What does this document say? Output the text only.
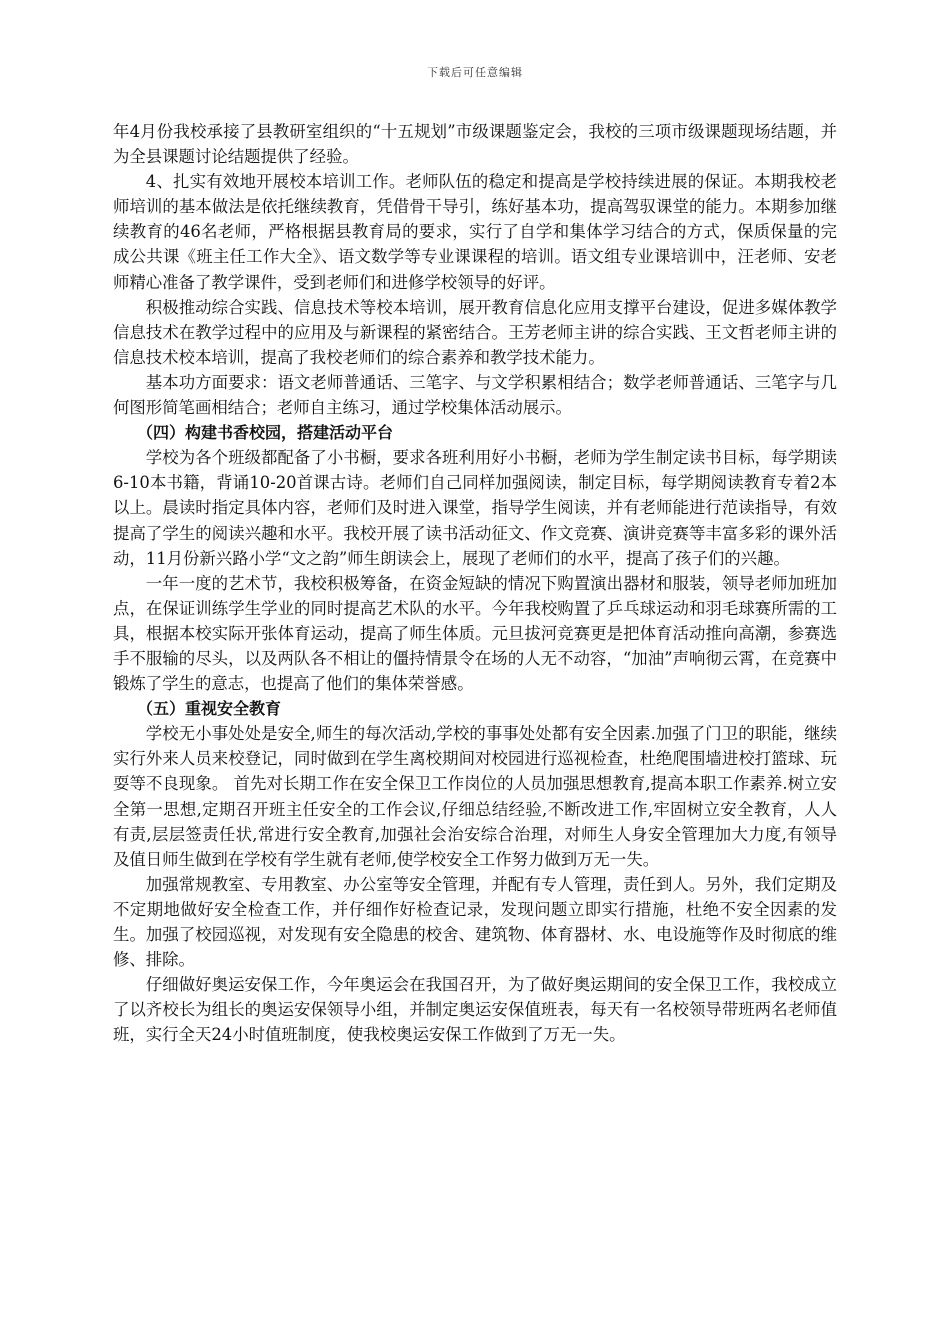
下载后可任意编辑

年4月份我校承接了县教研室组织的“十五规划”市级课题鉴定会，我校的三项市级课题现场结题，并为全县课题讨论结题提供了经验。

4、扎实有效地开展校本培训工作。老师队伍的稳定和提高是学校持续进展的保证。本期我校老师培训的基本做法是依托继续教育，凭借骨干导引，练好基本功，提高驾驭课堂的能力。本期参加继续教育的46名老师，严格根据县教育局的要求，实行了自学和集体学习结合的方式，保质保量的完成公共课《班主任工作大全》、语文数学等专业课课程的培训。语文组专业课培训中，汪老师、安老师精心准备了教学课件，受到老师们和进修学校领导的好评。

积极推动综合实践、信息技术等校本培训，展开教育信息化应用支撑平台建设，促进多媒体教学信息技术在教学过程中的应用及与新课程的紧密结合。王芳老师主讲的综合实践、王文哲老师主讲的信息技术校本培训，提高了我校老师们的综合素养和教学技术能力。

基本功方面要求：语文老师普通话、三笔字、与文学积累相结合；数学老师普通话、三笔字与几何图形简笔画相结合；老师自主练习，通过学校集体活动展示。

（四）构建书香校园，搭建活动平台

学校为各个班级都配备了小书橱，要求各班利用好小书橱，老师为学生制定读书目标，每学期读6-10本书籍，背诵10-20首课古诗。老师们自己同样加强阅读，制定目标，每学期阅读教育专着2本以上。晨读时指定具体内容，老师们及时进入课堂，指导学生阅读，并有老师能进行范读指导，有效提高了学生的阅读兴趣和水平。我校开展了读书活动征文、作文竞赛、演讲竞赛等丰富多彩的课外活动，11月份新兴路小学“文之韵”师生朗读会上，展现了老师们的水平，提高了孩子们的兴趣。

一年一度的艺术节，我校积极筹备，在资金短缺的情况下购置演出器材和服装，领导老师加班加点，在保证训练学生学业的同时提高艺术队的水平。今年我校购置了乒乓球运动和羽毛球赛所需的工具，根据本校实际开张体育运动，提高了师生体质。元旦拔河竞赛更是把体育活动推向高潮，参赛选手不服输的尽头，以及两队各不相让的僵持情景令在场的人无不动容，“加油”声响彻云霄，在竞赛中锻炼了学生的意志，也提高了他们的集体荣誉感。

（五）重视安全教育

学校无小事处处是安全,师生的每次活动,学校的事事处处都有安全因素.加强了门卫的职能，继续实行外来人员来校登记，同时做到在学生离校期间对校园进行巡视检查，杜绝爬围墙进校打篮球、玩耍等不良现象。 首先对长期工作在安全保卫工作岗位的人员加强思想教育,提高本职工作素养.树立安全第一思想,定期召开班主任安全的工作会议,仔细总结经验,不断改进工作,牢固树立安全教育，人人有责,层层签责任状,常进行安全教育,加强社会治安综合治理，对师生人身安全管理加大力度,有领导及值日师生做到在学校有学生就有老师,使学校安全工作努力做到万无一失。

加强常规教室、专用教室、办公室等安全管理，并配有专人管理，责任到人。另外，我们定期及不定期地做好安全检查工作，并仔细作好检查记录，发现问题立即实行措施，杜绝不安全因素的发生。加强了校园巡视，对发现有安全隐患的校舍、建筑物、体育器材、水、电设施等作及时彻底的维修、排除。

仔细做好奥运安保工作，今年奥运会在我国召开，为了做好奥运期间的安全保卫工作，我校成立了以齐校长为组长的奥运安保领导小组，并制定奥运安保值班表，每天有一名校领导带班两名老师值班，实行全天24小时值班制度，使我校奥运安保工作做到了万无一失。
